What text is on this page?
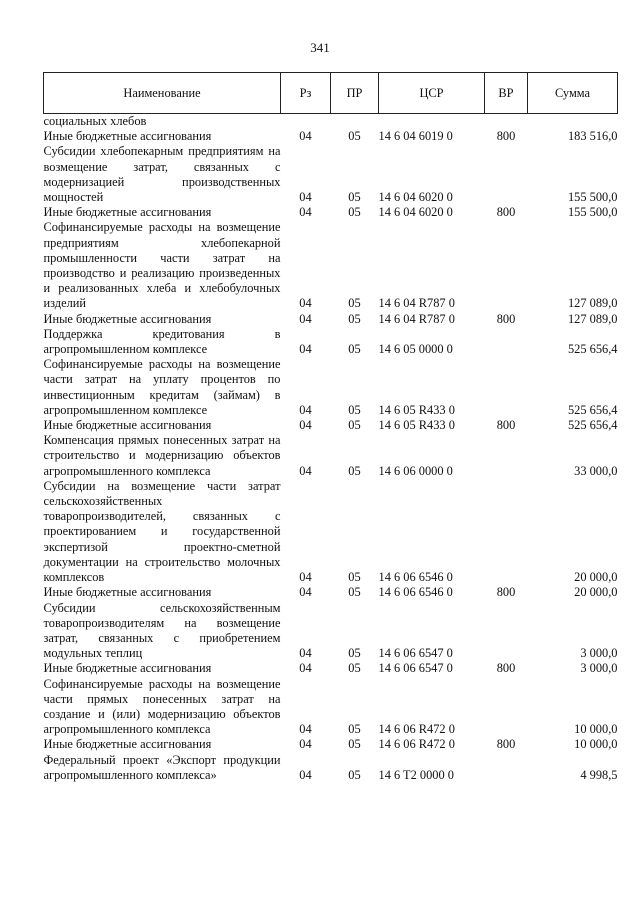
341
Наименование	Рз	ПР	ЦСР	ВР	Сумма
социальных хлебов					
Иные бюджетные ассигнования	04	05	14 6 04 6019 0	800	183 516,0
Субсидии хлебопекарным предприятиям на возмещение затрат, связанных с модернизацией производственных мощностей	04	05	14 6 04 6020 0		155 500,0
Иные бюджетные ассигнования	04	05	14 6 04 6020 0	800	155 500,0
Софинансируемые расходы на возмещение предприятиям хлебопекарной промышленности части затрат на производство и реализацию произведенных и реализованных хлеба и хлебобулочных изделий	04	05	14 6 04 R787 0		127 089,0
Иные бюджетные ассигнования	04	05	14 6 04 R787 0	800	127 089,0
Поддержка кредитования в агропромышленном комплексе	04	05	14 6 05 0000 0		525 656,4
Софинансируемые расходы на возмещение части затрат на уплату процентов по инвестиционным кредитам (займам) в агропромышленном комплексе	04	05	14 6 05 R433 0		525 656,4
Иные бюджетные ассигнования	04	05	14 6 05 R433 0	800	525 656,4
Компенсация прямых понесенных затрат на строительство и модернизацию объектов агропромышленного комплекса	04	05	14 6 06 0000 0		33 000,0
Субсидии на возмещение части затрат сельскохозяйственных товаропроизводителей, связанных с проектированием и государственной экспертизой проектно-сметной документации на строительство молочных комплексов	04	05	14 6 06 6546 0		20 000,0
Иные бюджетные ассигнования	04	05	14 6 06 6546 0	800	20 000,0
Субсидии сельскохозяйственным товаропроизводителям на возмещение затрат, связанных с приобретением модульных теплиц	04	05	14 6 06 6547 0		3 000,0
Иные бюджетные ассигнования	04	05	14 6 06 6547 0	800	3 000,0
Софинансируемые расходы на возмещение части прямых понесенных затрат на создание и (или) модернизацию объектов агропромышленного комплекса	04	05	14 6 06 R472 0		10 000,0
Иные бюджетные ассигнования	04	05	14 6 06 R472 0	800	10 000,0
Федеральный проект «Экспорт продукции агропромышленного комплекса»	04	05	14 6 T2 0000 0		4 998,5
